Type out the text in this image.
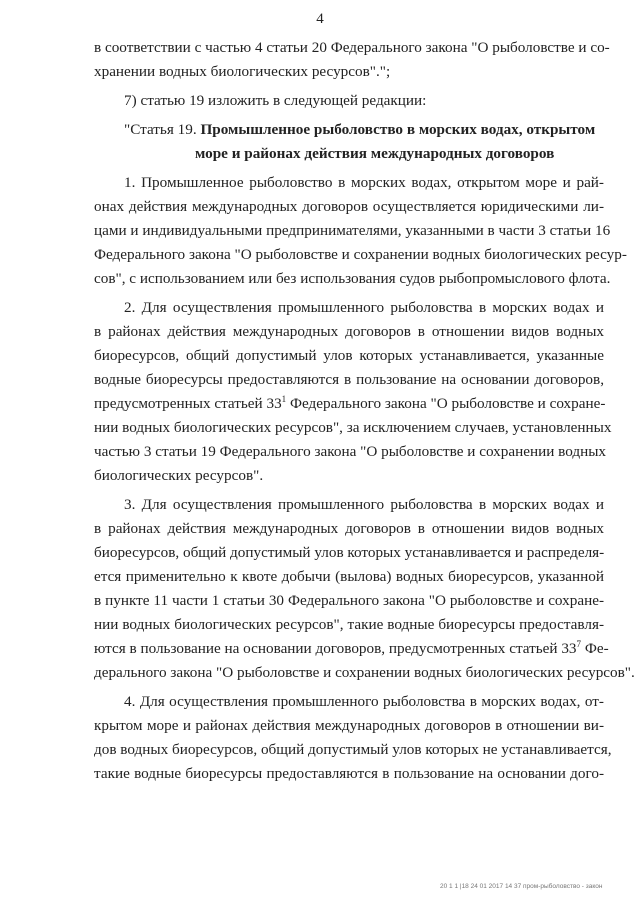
4
в соответствии с частью 4 статьи 20 Федерального закона "О рыболовстве и со-
хранении водных биологических ресурсов".";
7) статью 19 изложить в следующей редакции:
"Статья 19. Промышленное рыболовство в морских водах, открытом
море и районах действия международных договоров
1. Промышленное рыболовство в морских водах, открытом море и рай-
онах действия международных договоров осуществляется юридическими ли-
цами и индивидуальными предпринимателями, указанными в части 3 статьи 16
Федерального закона "О рыболовстве и сохранении водных биологических ресур-
сов", с использованием или без использования судов рыбопромыслового флота.
2. Для осуществления промышленного рыболовства в морских водах и
в районах действия международных договоров в отношении видов водных
биоресурсов, общий допустимый улов которых устанавливается, указанные
водные биоресурсы предоставляются в пользование на основании договоров,
предусмотренных статьей $33^1$ Федерального закона "О рыболовстве и сохране-
нии водных биологических ресурсов", за исключением случаев, установленных
частью 3 статьи 19 Федерального закона "О рыболовстве и сохранении водных
биологических ресурсов".
3. Для осуществления промышленного рыболовства в морских водах и
в районах действия международных договоров в отношении видов водных
биоресурсов, общий допустимый улов которых устанавливается и распределя-
ется применительно к квоте добычи (вылова) водных биоресурсов, указанной
в пункте 11 части 1 статьи 30 Федерального закона "О рыболовстве и сохране-
нии водных биологических ресурсов", такие водные биоресурсы предоставля-
ются в пользование на основании договоров, предусмотренных статьей $33^7$ Фе-
дерального закона "О рыболовстве и сохранении водных биологических ресурсов".
4. Для осуществления промышленного рыболовства в морских водах, от-
крытом море и районах действия международных договоров в отношении ви-
дов водных биоресурсов, общий допустимый улов которых не устанавливается,
такие водные биоресурсы предоставляются в пользование на основании дого-
20 1 1 |18 24 01 2017 14 37 пром-рыболовство - закон
